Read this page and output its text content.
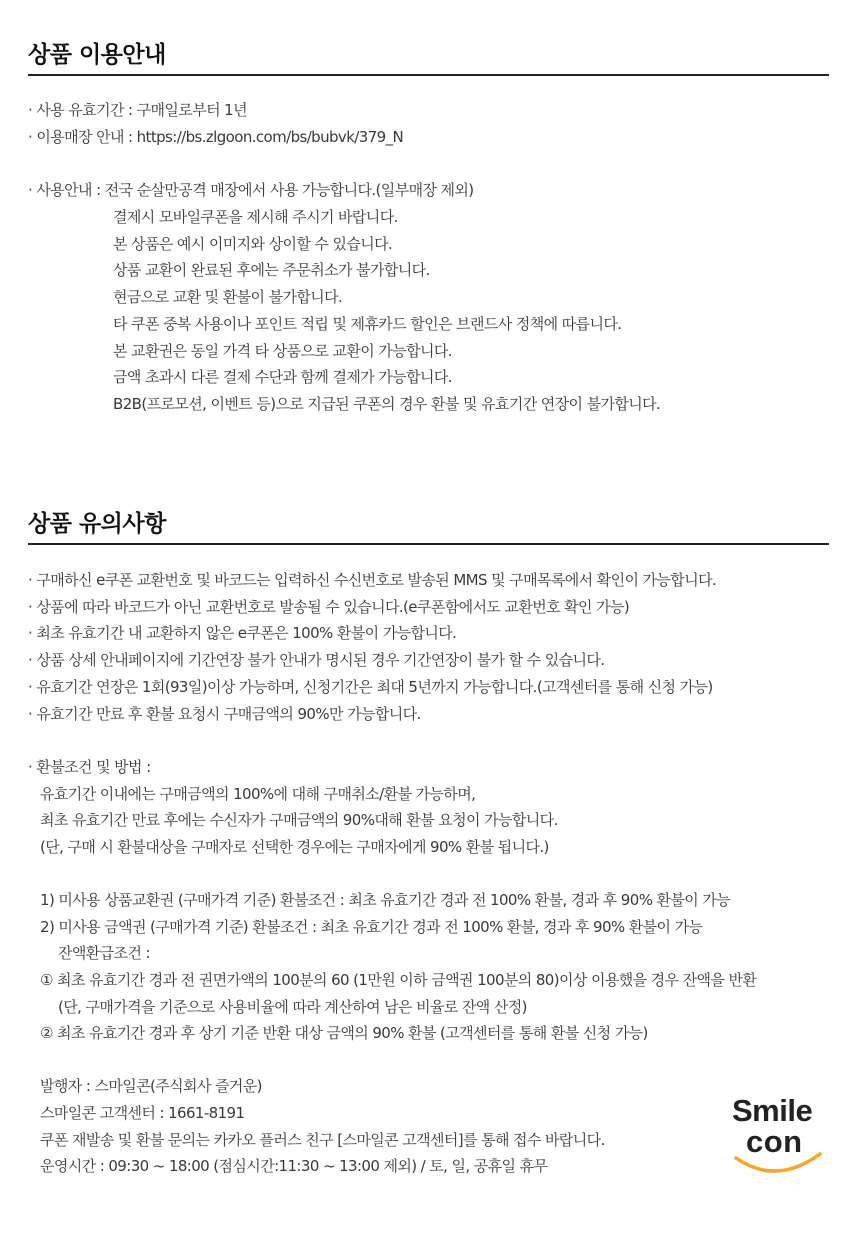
상품 이용안내

· 사용 유효기간 : 구매일로부터 1년

· 이용매장 안내 : https://bs.zlgoon.com/bs/bubvk/379_N

· 사용안내 : 전국 순살만공격 매장에서 사용 가능합니다.(일부매장 제외)

결제시 모바일쿠폰을 제시해 주시기 바랍니다.

본 상품은 예시 이미지와 상이할 수 있습니다.

상품 교환이 완료된 후에는 주문취소가 불가합니다.

현금으로 교환 및 환불이 불가합니다.

타 쿠폰 중복 사용이나 포인트 적립 및 제휴카드 할인은 브랜드사 정책에 따릅니다.

본 교환권은 동일 가격 타 상품으로 교환이 가능합니다.

금액 초과시 다른 결제 수단과 함께 결제가 가능합니다.

B2B(프로모션, 이벤트 등)으로 지급된 쿠폰의 경우 환불 및 유효기간 연장이 불가합니다.

상품 유의사항

· 구매하신 e쿠폰 교환번호 및 바코드는 입력하신 수신번호로 발송된 MMS 및 구매목록에서 확인이 가능합니다.

· 상품에 따라 바코드가 아닌 교환번호로 발송될 수 있습니다.(e쿠폰함에서도 교환번호 확인 가능)

· 최초 유효기간 내 교환하지 않은 e쿠폰은 100% 환불이 가능합니다.

· 상품 상세 안내페이지에 기간연장 불가 안내가 명시된 경우 기간연장이 불가 할 수 있습니다.

· 유효기간 연장은 1회(93일)이상 가능하며, 신청기간은 최대 5년까지 가능합니다.(고객센터를 통해 신청 가능)

· 유효기간 만료 후 환불 요청시 구매금액의 90%만 가능합니다.

· 환불조건 및 방법 :

유효기간 이내에는 구매금액의 100%에 대해 구매취소/환불 가능하며,

최초 유효기간 만료 후에는 수신자가 구매금액의 90%대해 환불 요청이 가능합니다.

(단, 구매 시 환불대상을 구매자로 선택한 경우에는 구매자에게 90% 환불 됩니다.)

1) 미사용 상품교환권 (구매가격 기준) 환불조건 : 최초 유효기간 경과 전 100% 환불, 경과 후 90% 환불이 가능

2) 미사용 금액권 (구매가격 기준) 환불조건 : 최초 유효기간 경과 전 100% 환불, 경과 후 90% 환불이 가능

잔액환급조건 :

① 최초 유효기간 경과 전 권면가액의 100분의 60 (1만원 이하 금액권 100분의 80)이상 이용했을 경우 잔액을 반환

(단, 구매가격을 기준으로 사용비율에 따라 계산하여 남은 비율로 잔액 산정)

② 최초 유효기간 경과 후 상기 기준 반환 대상 금액의 90% 환불 (고객센터를 통해 환불 신청 가능)

발행자 : 스마일콘(주식회사 즐거운)

스마일콘 고객센터 : 1661-8191

쿠폰 재발송 및 환불 문의는 카카오 플러스 친구 [스마일콘 고객센터]를 통해 접수 바랍니다.

운영시간 : 09:30 ~ 18:00 (점심시간:11:30 ~ 13:00 제외) / 토, 일, 공휴일 휴무

Smile
con
